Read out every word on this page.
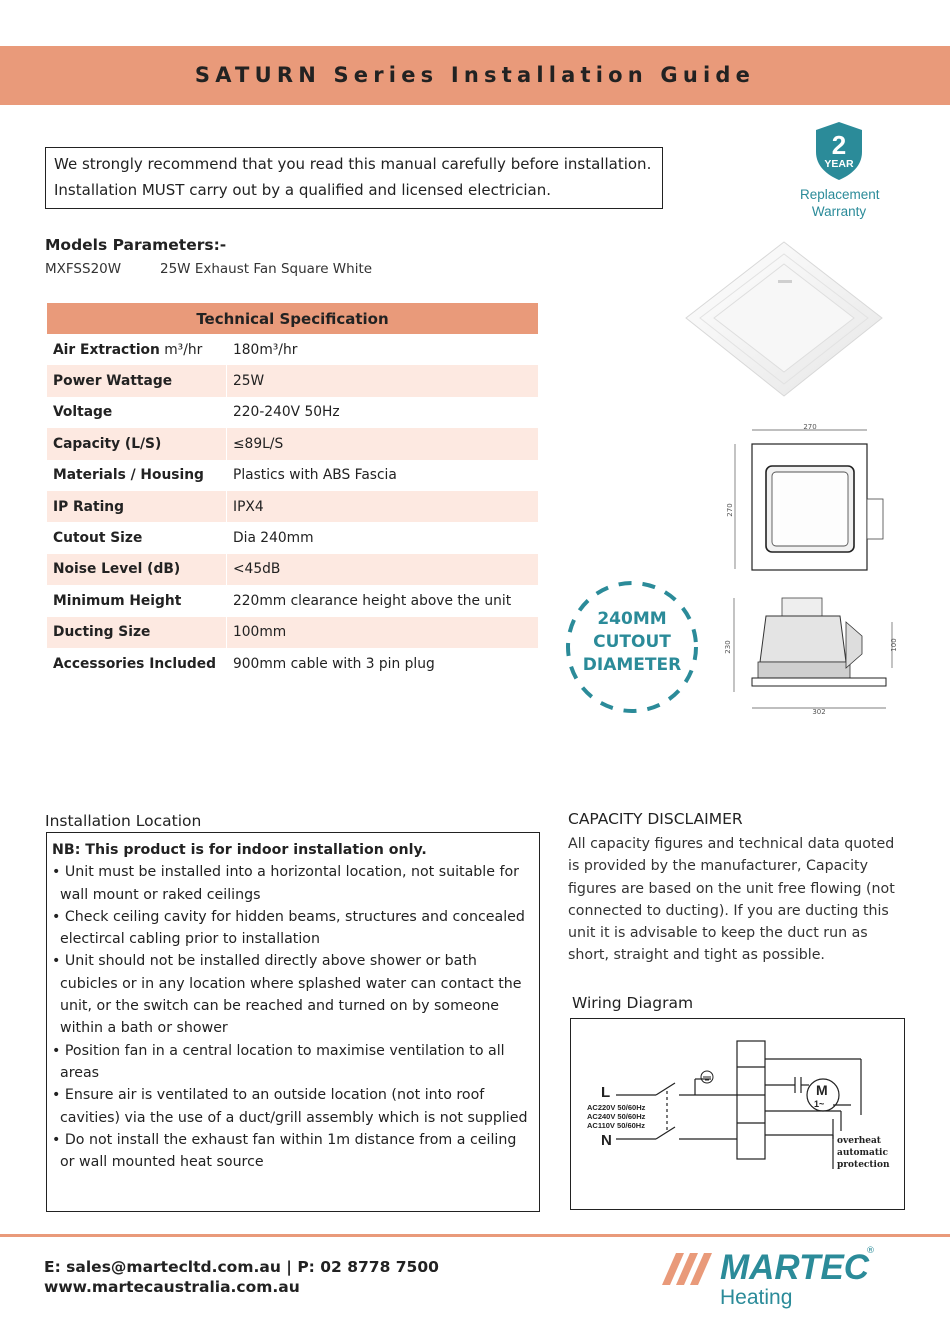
SATURN Series Installation Guide
We strongly recommend that you read this manual carefully before installation.
Installation MUST carry out by a qualified and licensed electrician.
2
YEAR
Replacement
Warranty
Models Parameters:-
MXFSS20W	25W Exhaust Fan Square White
Technical Specification	
Air Extraction m³/hr	180m³/hr
Power Wattage	25W
Voltage	220-240V 50Hz
Capacity (L/S)	≤89L/S
Materials / Housing	Plastics with ABS Fascia
IP Rating	IPX4
Cutout Size	Dia 240mm
Noise Level (dB)	<45dB
Minimum Height	220mm clearance height above the unit
Ducting Size	100mm
Accessories Included	900mm cable with 3 pin plug
270
270
230	100
302
240MM
CUTOUT
DIAMETER
Installation Location
NB: This product is for indoor installation only.
• Unit must be installed into a horizontal location, not suitable for wall mount or raked ceilings
• Check ceiling cavity for hidden beams, structures and concealed electircal cabling prior to installation
• Unit should not be installed directly above shower or bath cubicles or in any location where splashed water can contact the unit, or the switch can be reached and turned on by someone within a bath or shower
• Position fan in a central location to maximise ventilation to all areas
• Ensure air is ventilated to an outside location (not into roof cavities) via the use of a duct/grill assembly which is not supplied
• Do not install the exhaust fan within 1m distance from a ceiling or wall mounted heat source
CAPACITY DISCLAIMER
All capacity figures and technical data quoted is provided by the manufacturer, Capacity figures are based on the unit free flowing (not connected to ducting). If you are ducting this unit it is advisable to keep the duct run as short, straight and tight as possible.
Wiring Diagram
L
N
AC220V 50/60Hz
AC240V 50/60Hz
AC110V 50/60Hz
M
1~
overheat
automatic
protection
E: sales@martecltd.com.au | P: 02 8778 7500
www.martecaustralia.com.au	MARTEC
®
Heating
